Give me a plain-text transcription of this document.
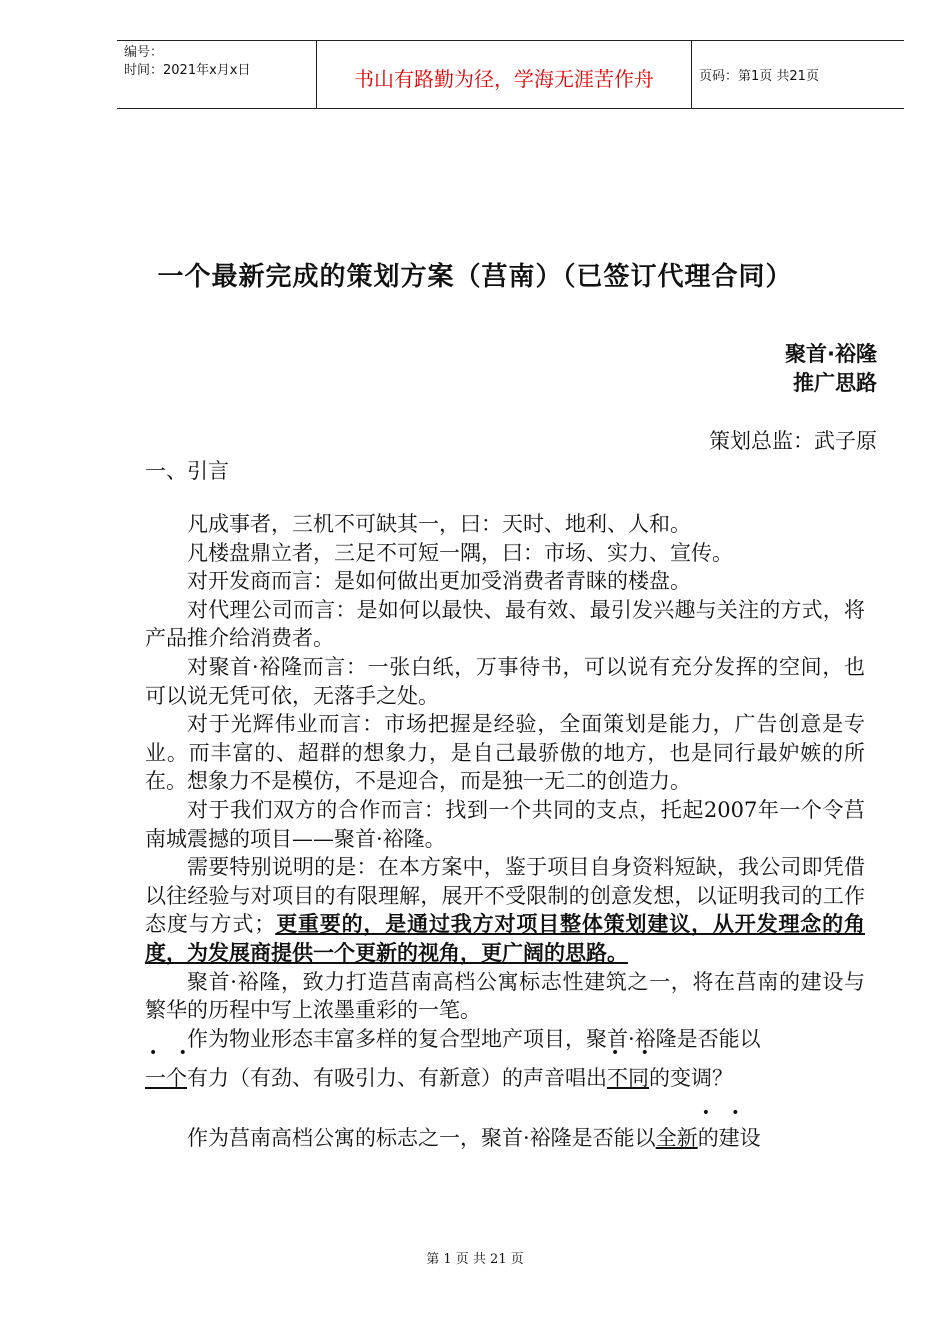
编号：
时间：2021年x月x日	书山有路勤为径，学海无涯苦作舟	页码：第1页 共21页
一个最新完成的策划方案（莒南）（已签订代理合同）
聚首·裕隆
推广思路
策划总监：武子原
一、引言

凡成事者，三机不可缺其一，曰：天时、地利、人和。

凡楼盘鼎立者，三足不可短一隅，曰：市场、实力、宣传。

对开发商而言：是如何做出更加受消费者青睐的楼盘。

对代理公司而言：是如何以最快、最有效、最引发兴趣与关注的方式，将产品推介给消费者。

对聚首·裕隆而言：一张白纸，万事待书，可以说有充分发挥的空间，也可以说无凭可依，无落手之处。

对于光辉伟业而言：市场把握是经验，全面策划是能力，广告创意是专业。而丰富的、超群的想象力，是自己最骄傲的地方，也是同行最妒嫉的所在。想象力不是模仿，不是迎合，而是独一无二的创造力。

对于我们双方的合作而言：找到一个共同的支点，托起2007年一个令莒南城震撼的项目——聚首·裕隆。

需要特别说明的是：在本方案中，鉴于项目自身资料短缺，我公司即凭借以往经验与对项目的有限理解，展开不受限制的创意发想，以证明我司的工作态度与方式；更重要的，是通过我方对项目整体策划建议，从开发理念的角度，为发展商提供一个更新的视角，更广阔的思路。

聚首·裕隆，致力打造莒南高档公寓标志性建筑之一，将在莒南的建设与繁华的历程中写上浓墨重彩的一笔。

作为物业形态丰富多样的复合型地产项目，聚首·裕隆是否能以

•   • 一个有力（有劲、有吸引力、有新意）的声音唱出•   • 不同的变调？

作为莒南高档公寓的标志之一，聚首·裕隆是否能以•   • 全新的建设

第 1 页 共 21 页
